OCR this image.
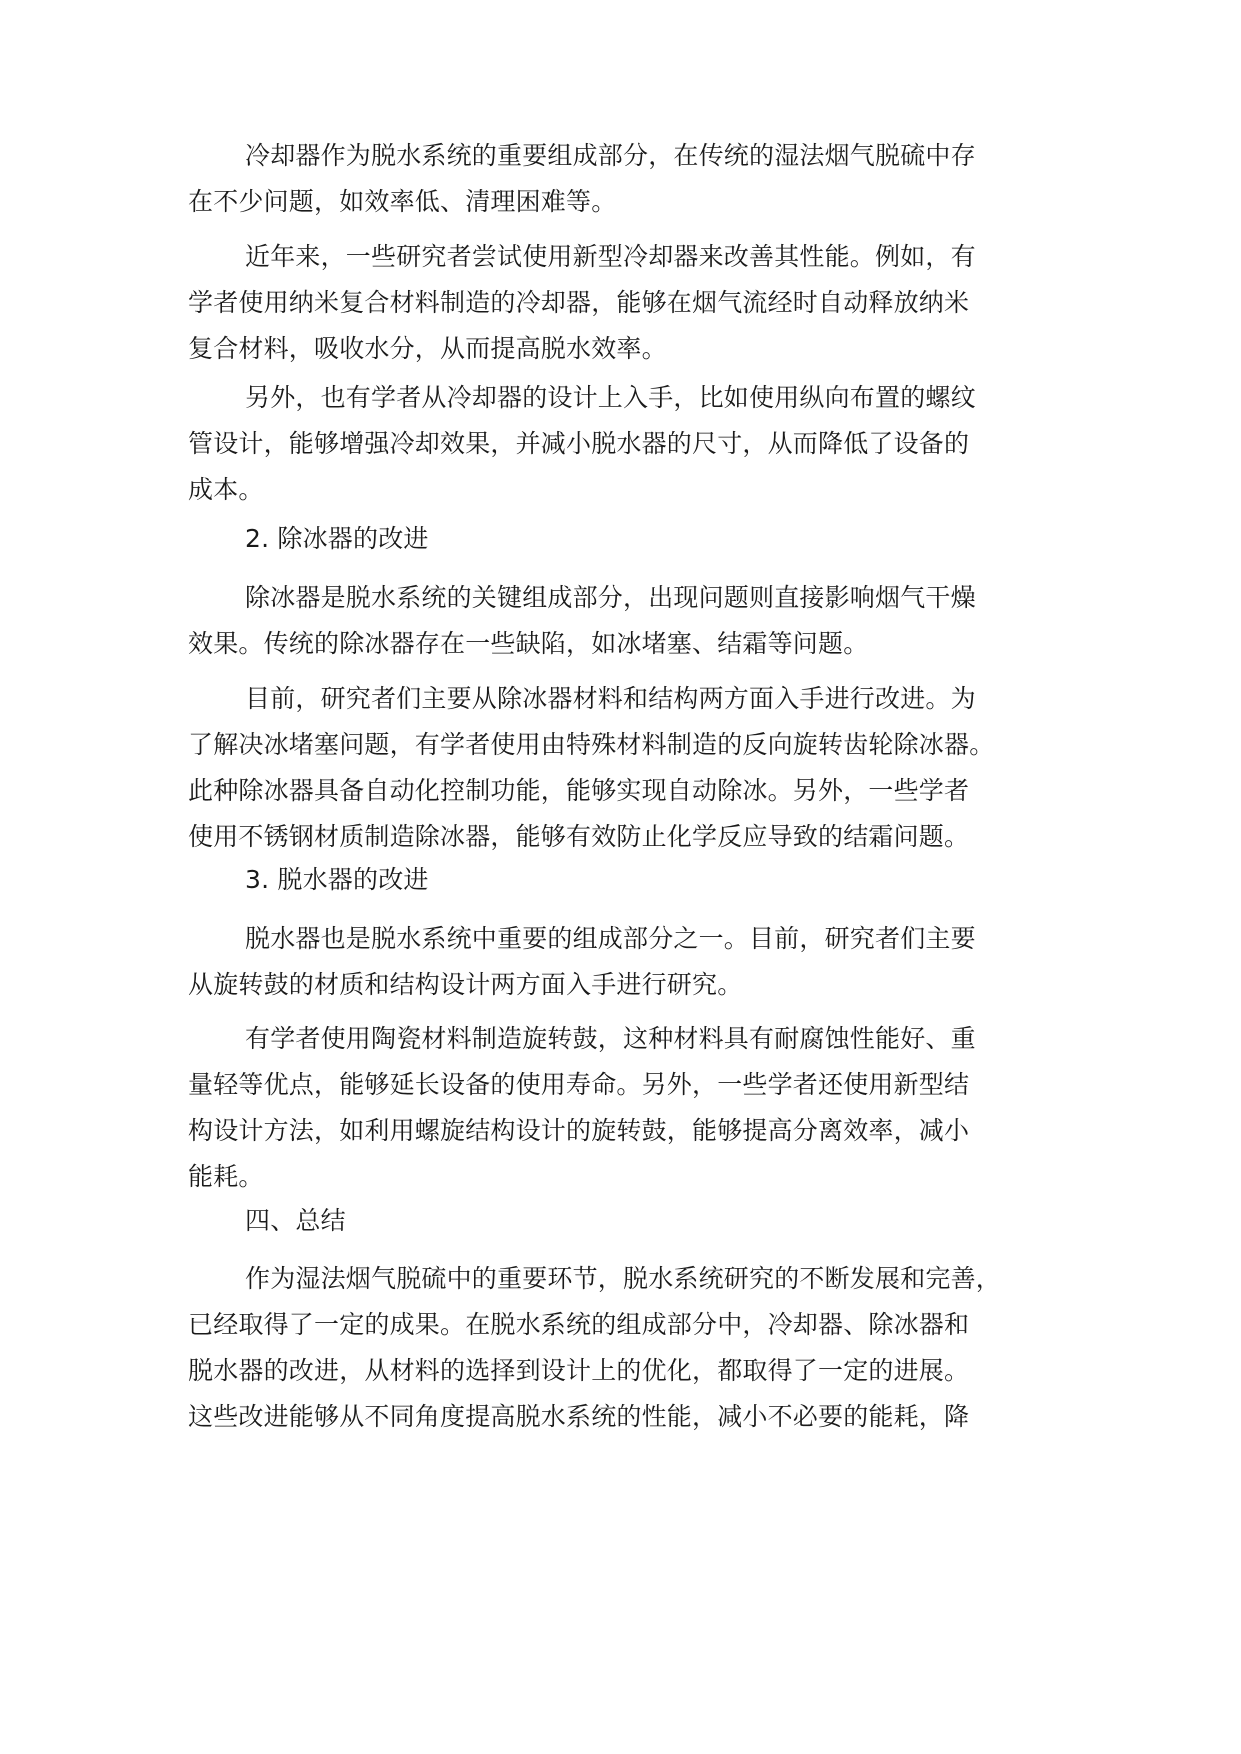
冷却器作为脱水系统的重要组成部分，在传统的湿法烟气脱硫中存
在不少问题，如效率低、清理困难等。
近年来，一些研究者尝试使用新型冷却器来改善其性能。例如，有
学者使用纳米复合材料制造的冷却器，能够在烟气流经时自动释放纳米
复合材料，吸收水分，从而提高脱水效率。
另外，也有学者从冷却器的设计上入手，比如使用纵向布置的螺纹
管设计，能够增强冷却效果，并减小脱水器的尺寸，从而降低了设备的
成本。
2. 除冰器的改进
除冰器是脱水系统的关键组成部分，出现问题则直接影响烟气干燥
效果。传统的除冰器存在一些缺陷，如冰堵塞、结霜等问题。
目前，研究者们主要从除冰器材料和结构两方面入手进行改进。为
了解决冰堵塞问题，有学者使用由特殊材料制造的反向旋转齿轮除冰器。
此种除冰器具备自动化控制功能，能够实现自动除冰。另外，一些学者
使用不锈钢材质制造除冰器，能够有效防止化学反应导致的结霜问题。
3. 脱水器的改进
脱水器也是脱水系统中重要的组成部分之一。目前，研究者们主要
从旋转鼓的材质和结构设计两方面入手进行研究。
有学者使用陶瓷材料制造旋转鼓，这种材料具有耐腐蚀性能好、重
量轻等优点，能够延长设备的使用寿命。另外，一些学者还使用新型结
构设计方法，如利用螺旋结构设计的旋转鼓，能够提高分离效率，减小
能耗。
四、总结
作为湿法烟气脱硫中的重要环节，脱水系统研究的不断发展和完善，
已经取得了一定的成果。在脱水系统的组成部分中，冷却器、除冰器和
脱水器的改进，从材料的选择到设计上的优化，都取得了一定的进展。
这些改进能够从不同角度提高脱水系统的性能，减小不必要的能耗，降
